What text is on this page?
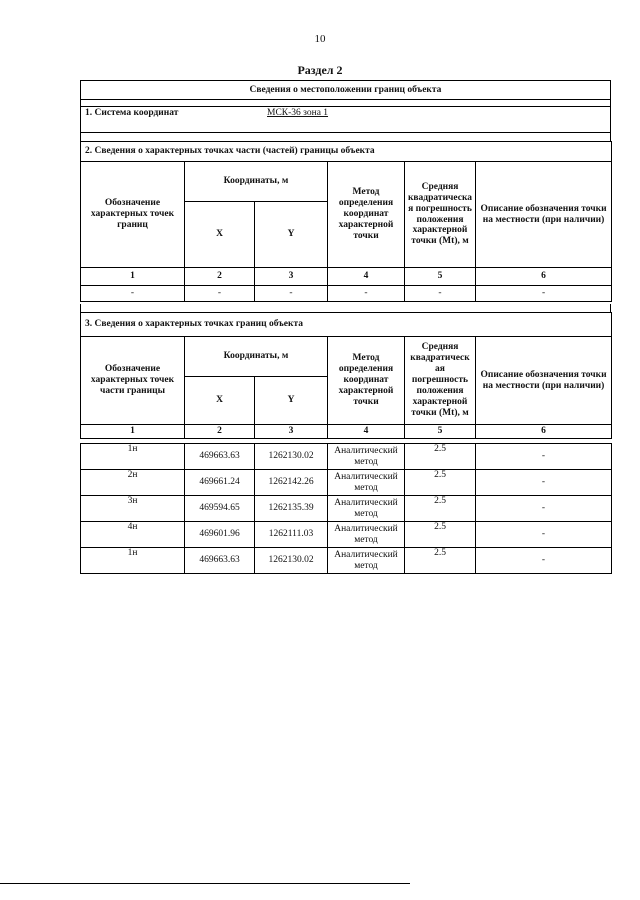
10
Раздел 2
Сведения о местоположении границ объекта
1. Система координат	МСК-36 зона 1
2. Сведения о характерных точках части (частей) границы объекта					
Обозначение характерных точек границ	Координаты, м		Метод определения координат характерной точки	Средняя квадратическа я погрешность положения характерной точки (Mt), м	Описание обозначения точки на местности (при наличии)
	X	Y			
1	2	3	4	5	6
-	-	-	-	-	-
3. Сведения о характерных точках границ объекта					
Обозначение характерных точек части границы	Координаты, м		Метод определения координат характерной точки	Средняя квадратическ ая погрешность положения характерной точки (Mt), м	Описание обозначения точки на местности (при наличии)
	X	Y			
1	2	3	4	5	6
1н	469663.63	1262130.02	Аналитический метод	2.5	-
2н	469661.24	1262142.26	Аналитический метод	2.5	-
3н	469594.65	1262135.39	Аналитический метод	2.5	-
4н	469601.96	1262111.03	Аналитический метод	2.5	-
1н	469663.63	1262130.02	Аналитический метод	2.5	-
